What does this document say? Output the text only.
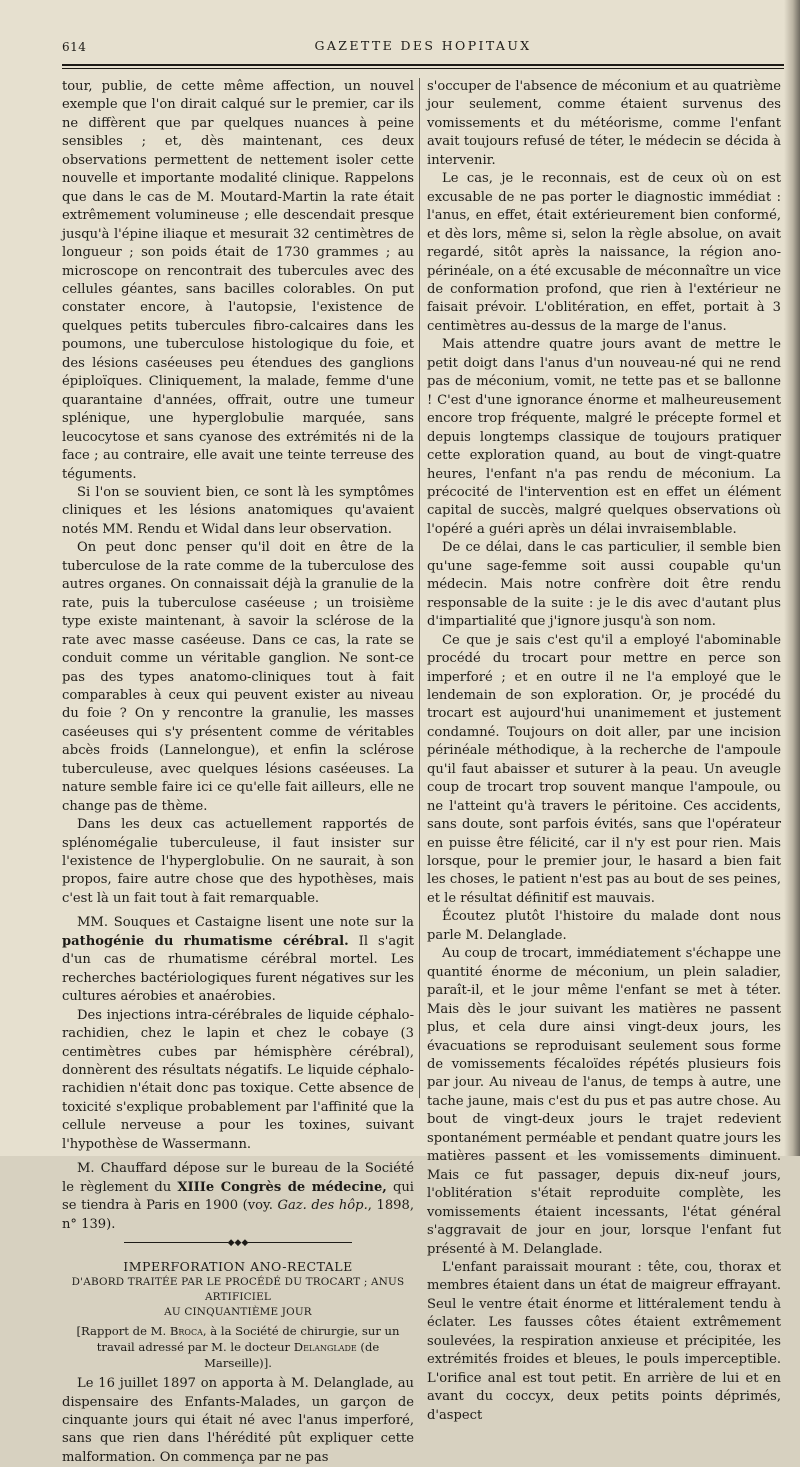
614	GAZETTE DES HOPITAUX

tour, publie, de cette même affection, un nouvel exemple que l'on dirait calqué sur le premier, car ils ne diffèrent que par quelques nuances à peine sensibles ; et, dès maintenant, ces deux observations permettent de nettement isoler cette nouvelle et importante modalité clinique. Rappelons que dans le cas de M. Moutard-Martin la rate était extrêmement volumineuse ; elle descendait presque jusqu'à l'épine iliaque et mesurait 32 centimètres de longueur ; son poids était de 1730 grammes ; au microscope on rencontrait des tubercules avec des cellules géantes, sans bacilles colorables. On put constater encore, à l'autopsie, l'existence de quelques petits tubercules fibro-calcaires dans les poumons, une tuberculose histologique du foie, et des lésions caséeuses peu étendues des ganglions épiploïques. Cliniquement, la malade, femme d'une quarantaine d'années, offrait, outre une tumeur splénique, une hyperglobulie marquée, sans leucocytose et sans cyanose des extrémités ni de la face ; au contraire, elle avait une teinte terreuse des téguments.

Si l'on se souvient bien, ce sont là les symptômes cliniques et les lésions anatomiques qu'avaient notés MM. Rendu et Widal dans leur observation.

On peut donc penser qu'il doit en être de la tuberculose de la rate comme de la tuberculose des autres organes. On connaissait déjà la granulie de la rate, puis la tuberculose caséeuse ; un troisième type existe maintenant, à savoir la sclérose de la rate avec masse caséeuse. Dans ce cas, la rate se conduit comme un véritable ganglion. Ne sont-ce pas des types anatomo-cliniques tout à fait comparables à ceux qui peuvent exister au niveau du foie ? On y rencontre la granulie, les masses caséeuses qui s'y présentent comme de véritables abcès froids (Lannelongue), et enfin la sclérose tuberculeuse, avec quelques lésions caséeuses. La nature semble faire ici ce qu'elle fait ailleurs, elle ne change pas de thème.

Dans les deux cas actuellement rapportés de splénomégalie tuberculeuse, il faut insister sur l'existence de l'hyperglobulie. On ne saurait, à son propos, faire autre chose que des hypothèses, mais c'est là un fait tout à fait remarquable.

MM. Souques et Castaigne lisent une note sur la pathogénie du rhumatisme cérébral. Il s'agit d'un cas de rhumatisme cérébral mortel. Les recherches bactériologiques furent négatives sur les cultures aérobies et anaérobies.

Des injections intra-cérébrales de liquide céphalo-rachidien, chez le lapin et chez le cobaye (3 centimètres cubes par hémisphère cérébral), donnèrent des résultats négatifs. Le liquide céphalo-rachidien n'était donc pas toxique. Cette absence de toxicité s'explique probablement par l'affinité que la cellule nerveuse a pour les toxines, suivant l'hypothèse de Wassermann.

M. Chauffard dépose sur le bureau de la Société le règlement du XIIIe Congrès de médecine, qui se tiendra à Paris en 1900 (voy. Gaz. des hôp., 1898, n° 139).

◆◆◆
IMPERFORATION ANO-RECTALE
D'ABORD TRAITÉE PAR LE PROCÉDÉ DU TROCART ; ANUS ARTIFICIEL
AU CINQUANTIÈME JOUR
[Rapport de M. Broca, à la Société de chirurgie, sur un travail adressé par M. le docteur Delanglade (de Marseille)].

Le 16 juillet 1897 on apporta à M. Delanglade, au dispensaire des Enfants-Malades, un garçon de cinquante jours qui était né avec l'anus imperforé, sans que rien dans l'hérédité pût expliquer cette malformation. On commença par ne pas

s'occuper de l'absence de méconium et au quatrième jour seulement, comme étaient survenus des vomissements et du météorisme, comme l'enfant avait toujours refusé de téter, le médecin se décida à intervenir.

Le cas, je le reconnais, est de ceux où on est excusable de ne pas porter le diagnostic immédiat : l'anus, en effet, était extérieurement bien conformé, et dès lors, même si, selon la règle absolue, on avait regardé, sitôt après la naissance, la région ano-périnéale, on a été excusable de méconnaître un vice de conformation profond, que rien à l'extérieur ne faisait prévoir. L'oblitération, en effet, portait à 3 centimètres au-dessus de la marge de l'anus.

Mais attendre quatre jours avant de mettre le petit doigt dans l'anus d'un nouveau-né qui ne rend pas de méconium, vomit, ne tette pas et se ballonne ! C'est d'une ignorance énorme et malheureusement encore trop fréquente, malgré le précepte formel et depuis longtemps classique de toujours pratiquer cette exploration quand, au bout de vingt-quatre heures, l'enfant n'a pas rendu de méconium. La précocité de l'intervention est en effet un élément capital de succès, malgré quelques observations où l'opéré a guéri après un délai invraisemblable.

De ce délai, dans le cas particulier, il semble bien qu'une sage-femme soit aussi coupable qu'un médecin. Mais notre confrère doit être rendu responsable de la suite : je le dis avec d'autant plus d'impartialité que j'ignore jusqu'à son nom.

Ce que je sais c'est qu'il a employé l'abominable procédé du trocart pour mettre en perce son imperforé ; et en outre il ne l'a employé que le lendemain de son exploration. Or, je procédé du trocart est aujourd'hui unanimement et justement condamné. Toujours on doit aller, par une incision périnéale méthodique, à la recherche de l'ampoule qu'il faut abaisser et suturer à la peau. Un aveugle coup de trocart trop souvent manque l'ampoule, ou ne l'atteint qu'à travers le péritoine. Ces accidents, sans doute, sont parfois évités, sans que l'opérateur en puisse être félicité, car il n'y est pour rien. Mais lorsque, pour le premier jour, le hasard a bien fait les choses, le patient n'est pas au bout de ses peines, et le résultat définitif est mauvais.

Écoutez plutôt l'histoire du malade dont nous parle M. Delanglade.

Au coup de trocart, immédiatement s'échappe une quantité énorme de méconium, un plein saladier, paraît-il, et le jour même l'enfant se met à téter. Mais dès le jour suivant les matières ne passent plus, et cela dure ainsi vingt-deux jours, les évacuations se reproduisant seulement sous forme de vomissements fécaloïdes répétés plusieurs fois par jour. Au niveau de l'anus, de temps à autre, une tache jaune, mais c'est du pus et pas autre chose. Au bout de vingt-deux jours le trajet redevient spontanément perméable et pendant quatre jours les matières passent et les vomissements diminuent. Mais ce fut passager, depuis dix-neuf jours, l'oblitération s'était reproduite complète, les vomissements étaient incessants, l'état général s'aggravait de jour en jour, lorsque l'enfant fut présenté à M. Delanglade.

L'enfant paraissait mourant : tête, cou, thorax et membres étaient dans un état de maigreur effrayant. Seul le ventre était énorme et littéralement tendu à éclater. Les fausses côtes étaient extrêmement soulevées, la respiration anxieuse et précipitée, les extrémités froides et bleues, le pouls imperceptible. L'orifice anal est tout petit. En arrière de lui et en avant du coccyx, deux petits points déprimés, d'aspect
